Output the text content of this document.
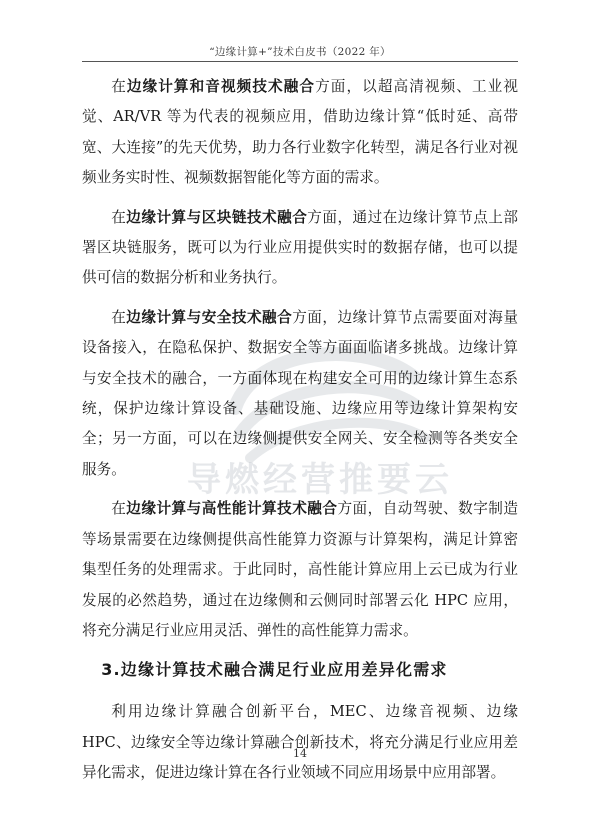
“边缘计算+”技术白皮书（2022 年）
导燃经营推要云

在边缘计算和音视频技术融合方面，以超高清视频、工业视觉、AR/VR 等为代表的视频应用，借助边缘计算“低时延、高带宽、大连接”的先天优势，助力各行业数字化转型，满足各行业对视频业务实时性、视频数据智能化等方面的需求。

在边缘计算与区块链技术融合方面，通过在边缘计算节点上部署区块链服务，既可以为行业应用提供实时的数据存储，也可以提供可信的数据分析和业务执行。

在边缘计算与安全技术融合方面，边缘计算节点需要面对海量设备接入，在隐私保护、数据安全等方面面临诸多挑战。边缘计算与安全技术的融合，一方面体现在构建安全可用的边缘计算生态系统，保护边缘计算设备、基础设施、边缘应用等边缘计算架构安全；另一方面，可以在边缘侧提供安全网关、安全检测等各类安全服务。

在边缘计算与高性能计算技术融合方面，自动驾驶、数字制造等场景需要在边缘侧提供高性能算力资源与计算架构，满足计算密集型任务的处理需求。于此同时，高性能计算应用上云已成为行业发展的必然趋势，通过在边缘侧和云侧同时部署云化 HPC 应用，将充分满足行业应用灵活、弹性的高性能算力需求。

3.边缘计算技术融合满足行业应用差异化需求

利用边缘计算融合创新平台，MEC、边缘音视频、边缘 HPC、边缘安全等边缘计算融合创新技术，将充分满足行业应用差异化需求，促进边缘计算在各行业领域不同应用场景中应用部署。

14
